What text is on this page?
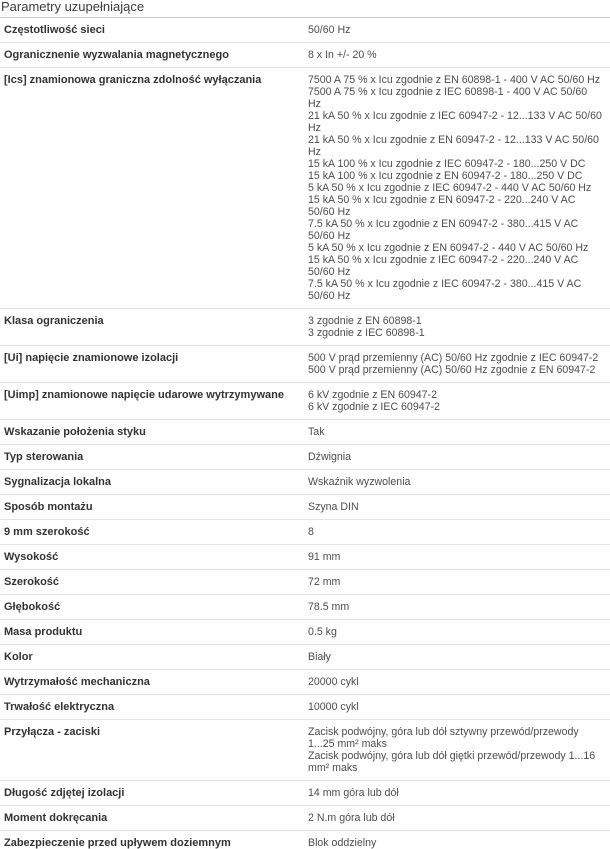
Parametry uzupełniające
Częstotliwość sieci	50/60 Hz
Ogranicznenie wyzwalania magnetycznego	8 x In +/- 20 %
[Ics] znamionowa graniczna zdolność wyłączania	7500 A 75 % x Icu zgodnie z EN 60898-1 - 400 V AC 50/60 Hz
7500 A 75 % x Icu zgodnie z IEC 60898-1 - 400 V AC 50/60
Hz
21 kA 50 % x Icu zgodnie z IEC 60947-2 - 12...133 V AC 50/60
Hz
21 kA 50 % x Icu zgodnie z EN 60947-2 - 12...133 V AC 50/60
Hz
15 kA 100 % x Icu zgodnie z IEC 60947-2 - 180...250 V DC
15 kA 100 % x Icu zgodnie z EN 60947-2 - 180...250 V DC
5 kA 50 % x Icu zgodnie z IEC 60947-2 - 440 V AC 50/60 Hz
15 kA 50 % x Icu zgodnie z EN 60947-2 - 220...240 V AC
50/60 Hz
7.5 kA 50 % x Icu zgodnie z EN 60947-2 - 380...415 V AC
50/60 Hz
5 kA 50 % x Icu zgodnie z EN 60947-2 - 440 V AC 50/60 Hz
15 kA 50 % x Icu zgodnie z IEC 60947-2 - 220...240 V AC
50/60 Hz
7.5 kA 50 % x Icu zgodnie z IEC 60947-2 - 380...415 V AC
50/60 Hz
Klasa ograniczenia	3 zgodnie z EN 60898-1
3 zgodnie z IEC 60898-1
[Ui] napięcie znamionowe izolacji	500 V prąd przemienny (AC) 50/60 Hz zgodnie z IEC 60947-2
500 V prąd przemienny (AC) 50/60 Hz zgodnie z EN 60947-2
[Uimp] znamionowe napięcie udarowe wytrzymywane	6 kV zgodnie z EN 60947-2
6 kV zgodnie z IEC 60947-2
Wskazanie położenia styku	Tak
Typ sterowania	Dźwignia
Sygnalizacja lokalna	Wskaźnik wyzwolenia
Sposób montażu	Szyna DIN
9 mm szerokość	8
Wysokość	91 mm
Szerokość	72 mm
Głębokość	78.5 mm
Masa produktu	0.5 kg
Kolor	Biały
Wytrzymałość mechaniczna	20000 cykl
Trwałość elektryczna	10000 cykl
Przyłącza - zaciski	Zacisk podwójny, góra lub dół sztywny przewód/przewody
1...25 mm² maks
Zacisk podwójny, góra lub dół giętki przewód/przewody 1...16
mm² maks
Długość zdjętej izolacji	14 mm góra lub dół
Moment dokręcania	2 N.m góra lub dół
Zabezpieczenie przed upływem doziemnym	Blok oddzielny
